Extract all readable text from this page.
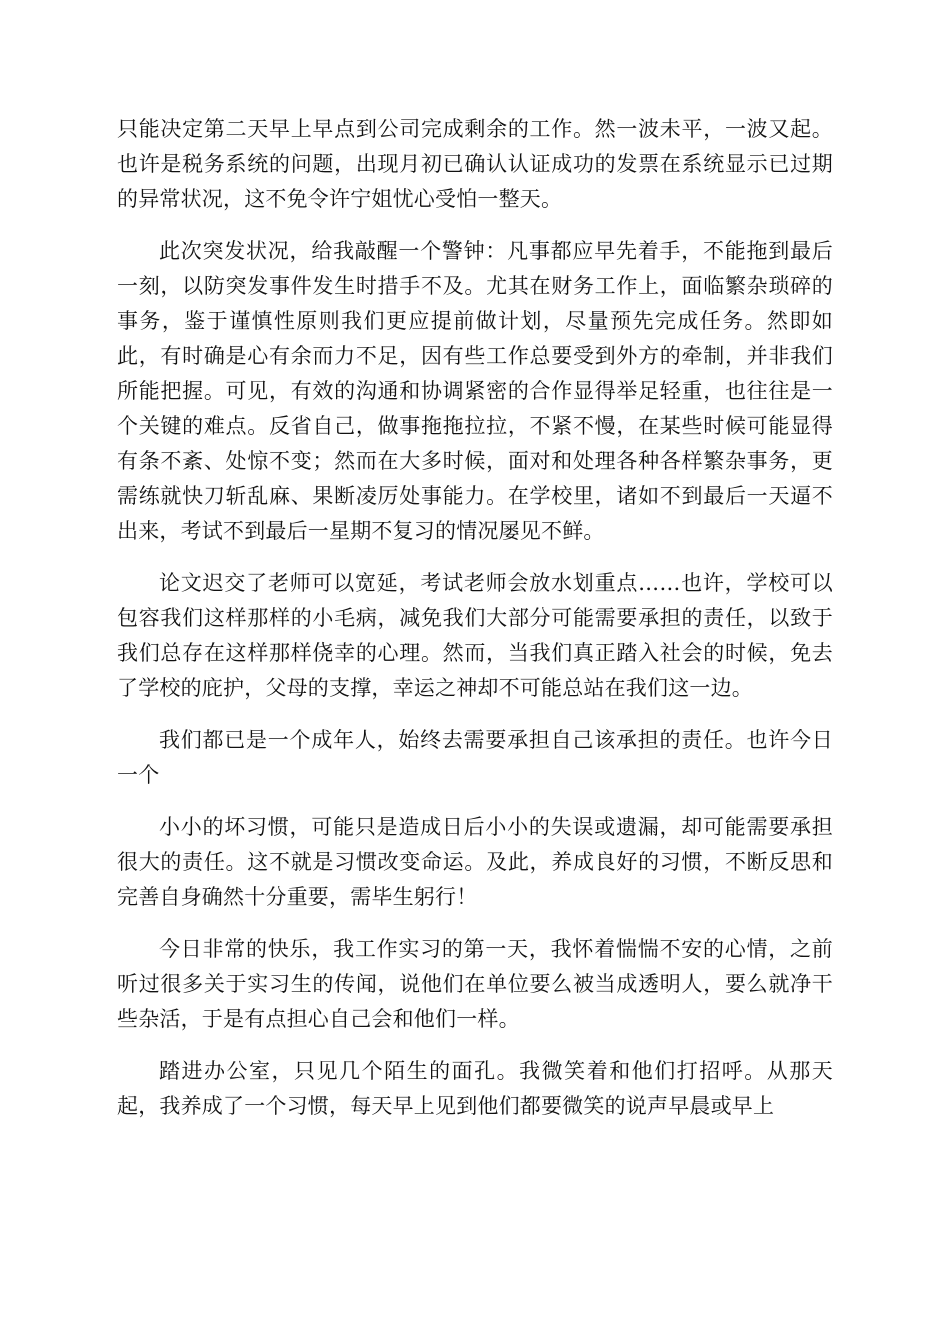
只能决定第二天早上早点到公司完成剩余的工作。然一波未平，一波又起。也许是税务系统的问题，出现月初已确认认证成功的发票在系统显示已过期的异常状况，这不免令许宁姐忧心受怕一整天。

此次突发状况，给我敲醒一个警钟：凡事都应早先着手，不能拖到最后一刻，以防突发事件发生时措手不及。尤其在财务工作上，面临繁杂琐碎的事务，鉴于谨慎性原则我们更应提前做计划，尽量预先完成任务。然即如此，有时确是心有余而力不足，因有些工作总要受到外方的牵制，并非我们所能把握。可见，有效的沟通和协调紧密的合作显得举足轻重，也往往是一个关键的难点。反省自己，做事拖拖拉拉，不紧不慢，在某些时候可能显得有条不紊、处惊不变；然而在大多时候，面对和处理各种各样繁杂事务，更需练就快刀斩乱麻、果断凌厉处事能力。在学校里，诸如不到最后一天逼不出来，考试不到最后一星期不复习的情况屡见不鲜。

论文迟交了老师可以宽延，考试老师会放水划重点……也许，学校可以包容我们这样那样的小毛病，减免我们大部分可能需要承担的责任，以致于我们总存在这样那样侥幸的心理。然而，当我们真正踏入社会的时候，免去了学校的庇护，父母的支撑，幸运之神却不可能总站在我们这一边。

我们都已是一个成年人，始终去需要承担自己该承担的责任。也许今日一个

小小的坏习惯，可能只是造成日后小小的失误或遗漏，却可能需要承担很大的责任。这不就是习惯改变命运。及此，养成良好的习惯，不断反思和完善自身确然十分重要，需毕生躬行！

今日非常的快乐，我工作实习的第一天，我怀着惴惴不安的心情，之前听过很多关于实习生的传闻，说他们在单位要么被当成透明人，要么就净干些杂活，于是有点担心自己会和他们一样。

踏进办公室，只见几个陌生的面孔。我微笑着和他们打招呼。从那天起，我养成了一个习惯，每天早上见到他们都要微笑的说声早晨或早上
